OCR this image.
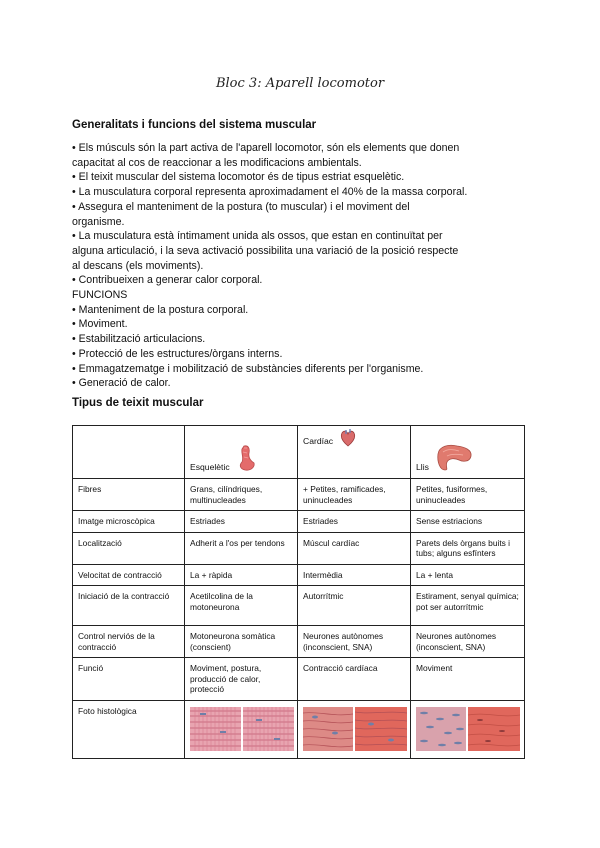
Bloc 3: Aparell locomotor
Generalitats i funcions del sistema muscular
• Els músculs són la part activa de l'aparell locomotor, són els elements que donen
capacitat al cos de reaccionar a les modificacions ambientals.
• El teixit muscular del sistema locomotor és de tipus estriat esquelètic.
• La musculatura corporal representa aproximadament el 40% de la massa corporal.
• Assegura el manteniment de la postura (to muscular) i el moviment del
organisme.
• La musculatura està íntimament unida als ossos, que estan en continuïtat per
alguna articulació, i la seva activació possibilita una variació de la posició respecte
al descans (els moviments).
• Contribueixen a generar calor corporal.
FUNCIONS
• Manteniment de la postura corporal.
• Moviment.
• Estabilització articulacions.
• Protecció de les estructures/òrgans interns.
• Emmagatzematge i mobilització de substàncies diferents per l'organisme.
• Generació de calor.
Tipus de teixit muscular
	Esquelètic	Cardíac	Llis
Fibres	Grans, cilíndriques, multinucleades	+ Petites, ramificades, uninucleades	Petites, fusiformes, uninucleades
Imatge microscòpica	Estriades	Estriades	Sense estriacions
Localització	Adherit a l'os per tendons	Múscul cardíac	Parets dels òrgans buits i tubs; alguns esfínters
Velocitat de contracció	La + ràpida	Intermèdia	La + lenta
Iniciació de la contracció	Acetilcolina de la motoneurona	Autorrítmic	Estirament, senyal química; pot ser autorrítmic
Control nerviós de la contracció	Motoneurona somàtica (conscient)	Neurones autònomes (inconscient, SNA)	Neurones autònomes (inconscient, SNA)
Funció	Moviment, postura, producció de calor, protecció	Contracció cardíaca	Moviment
Foto histològica			
